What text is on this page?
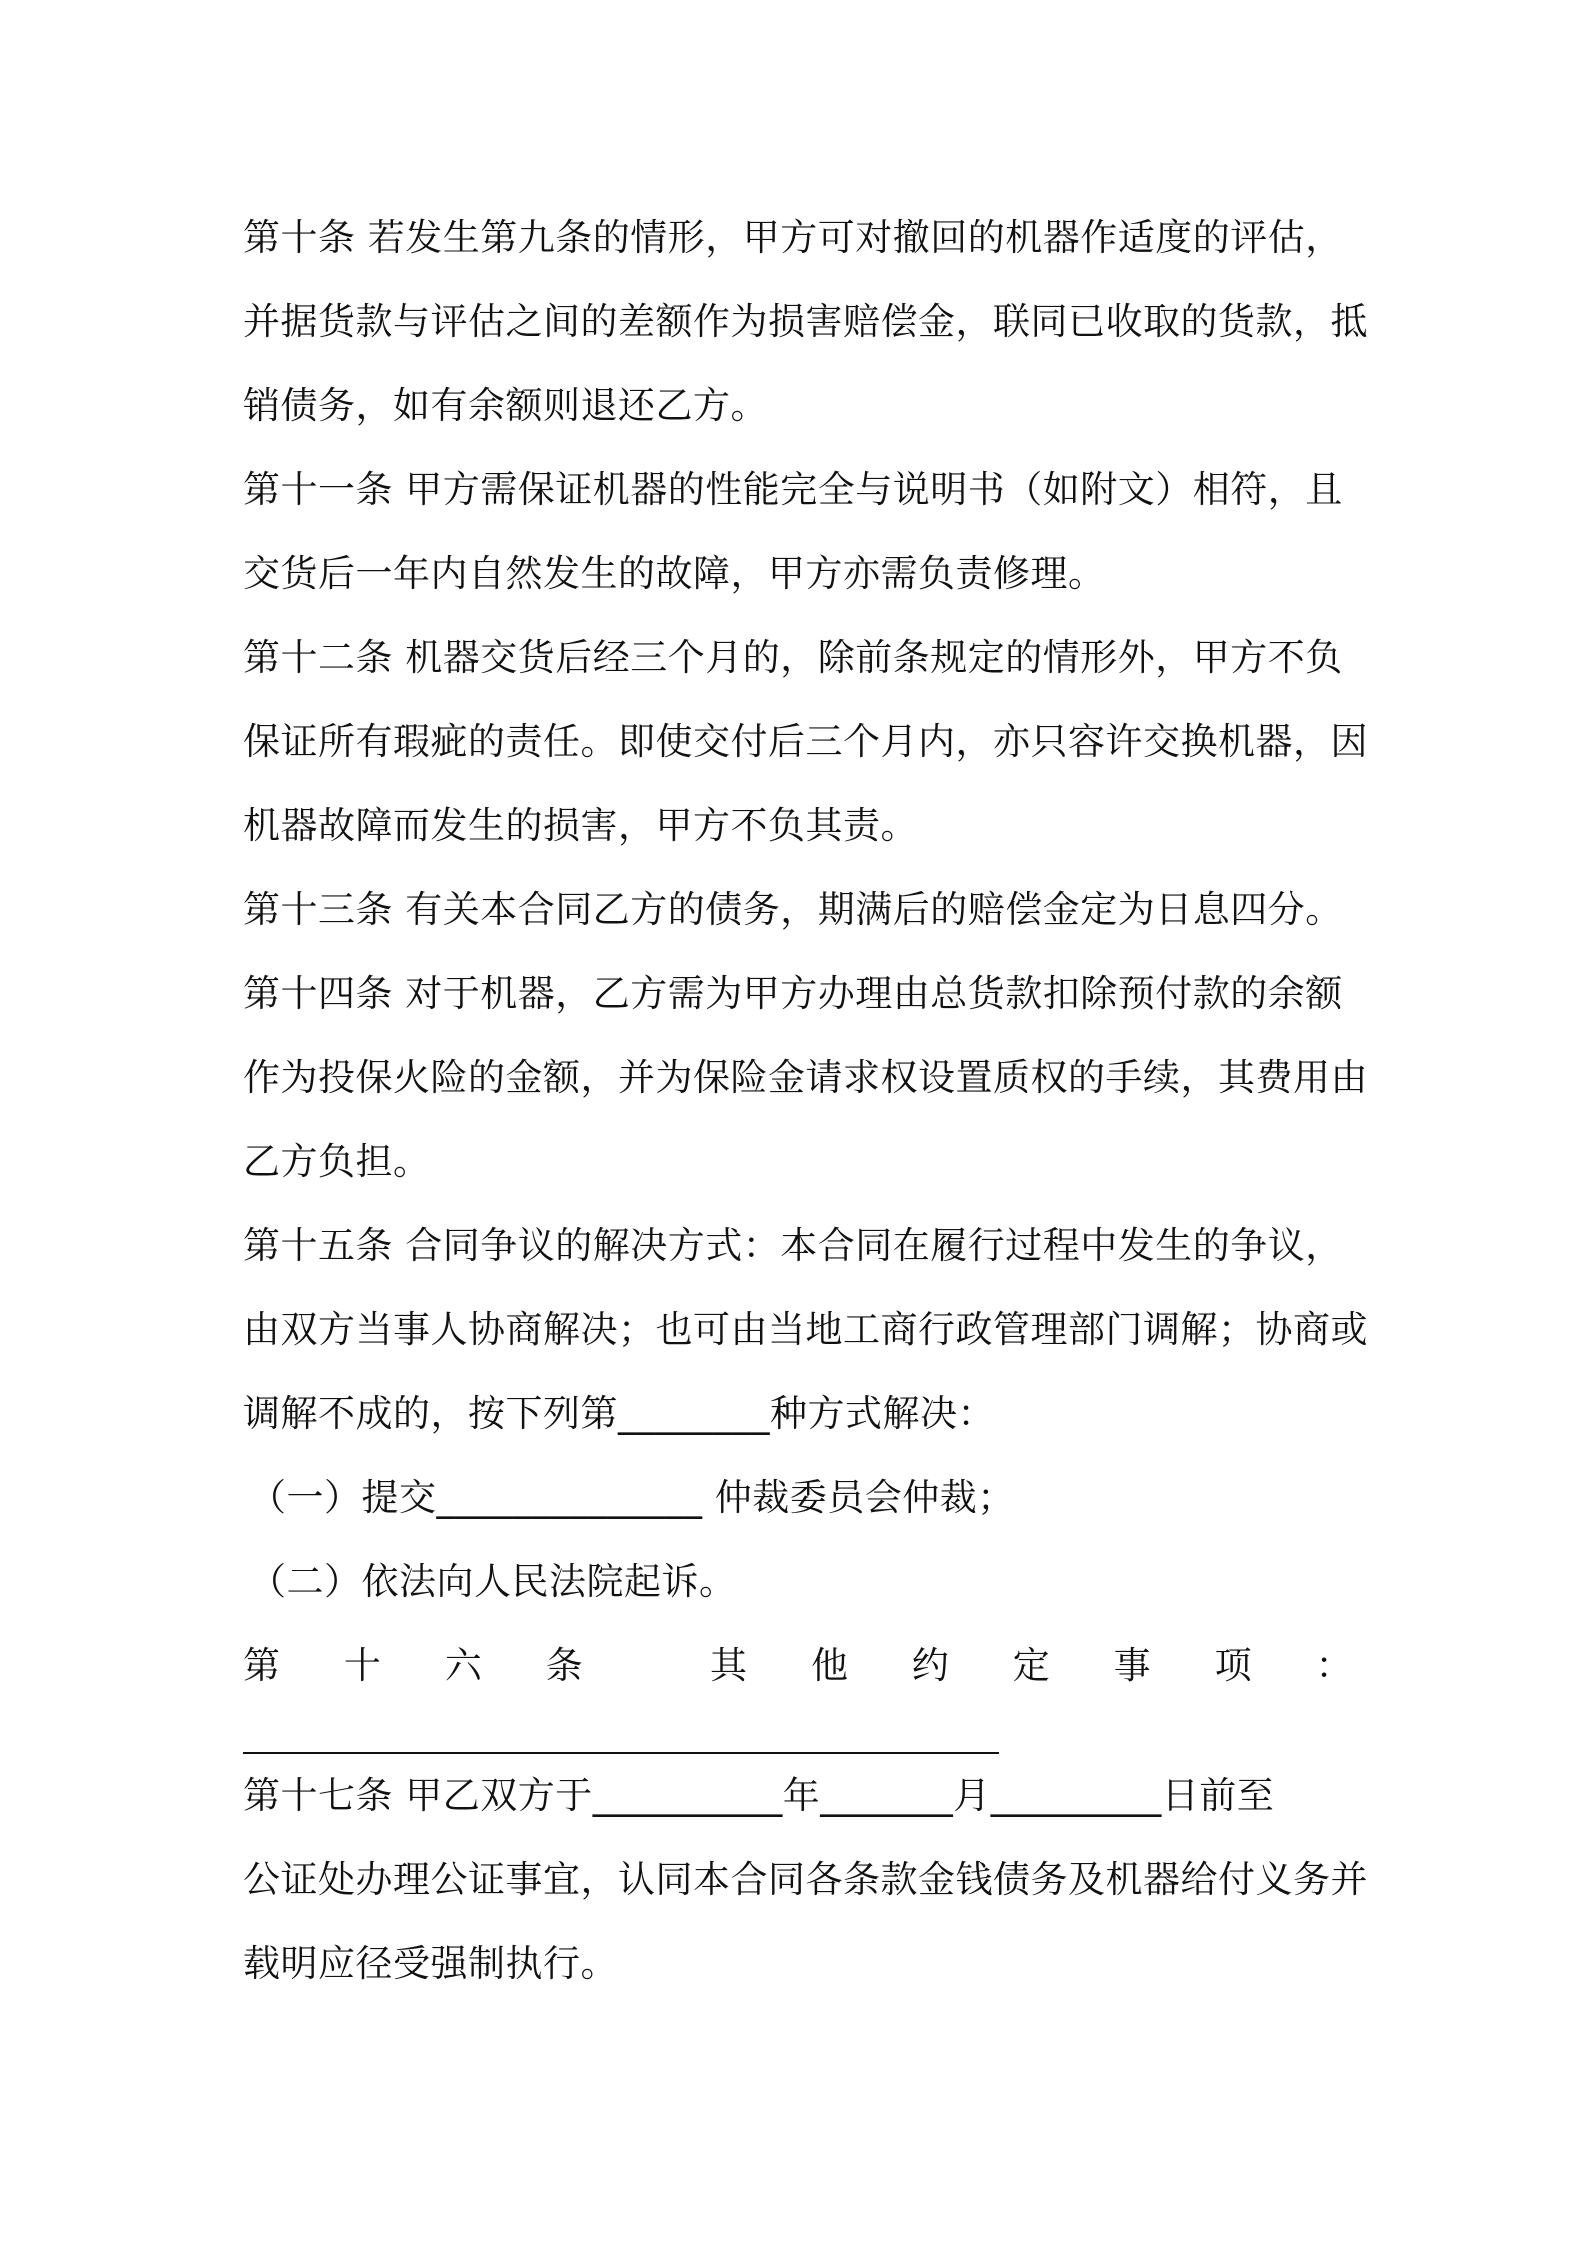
第十条 若发生第九条的情形，甲方可对撤回的机器作适度的评估，
并据货款与评估之间的差额作为损害赔偿金，联同已收取的货款，抵
销债务，如有余额则退还乙方。
第十一条 甲方需保证机器的性能完全与说明书（如附文）相符，且
交货后一年内自然发生的故障，甲方亦需负责修理。
第十二条 机器交货后经三个月的，除前条规定的情形外，甲方不负
保证所有瑕疵的责任。即使交付后三个月内，亦只容许交换机器，因
机器故障而发生的损害，甲方不负其责。
第十三条 有关本合同乙方的债务，期满后的赔偿金定为日息四分。
第十四条 对于机器，乙方需为甲方办理由总货款扣除预付款的余额
作为投保火险的金额，并为保险金请求权设置质权的手续，其费用由
乙方负担。
第十五条 合同争议的解决方式：本合同在履行过程中发生的争议，
由双方当事人协商解决；也可由当地工商行政管理部门调解；协商或
调解不成的，按下列第________种方式解决：
（一）提交______________ 仲裁委员会仲裁；
（二）依法向人民法院起诉。
第 十 六 条	其 他 约 定 事 项 ：
第十七条 甲乙双方于__________年_______月_________日前至
公证处办理公证事宜，认同本合同各条款金钱债务及机器给付义务并
载明应径受强制执行。
